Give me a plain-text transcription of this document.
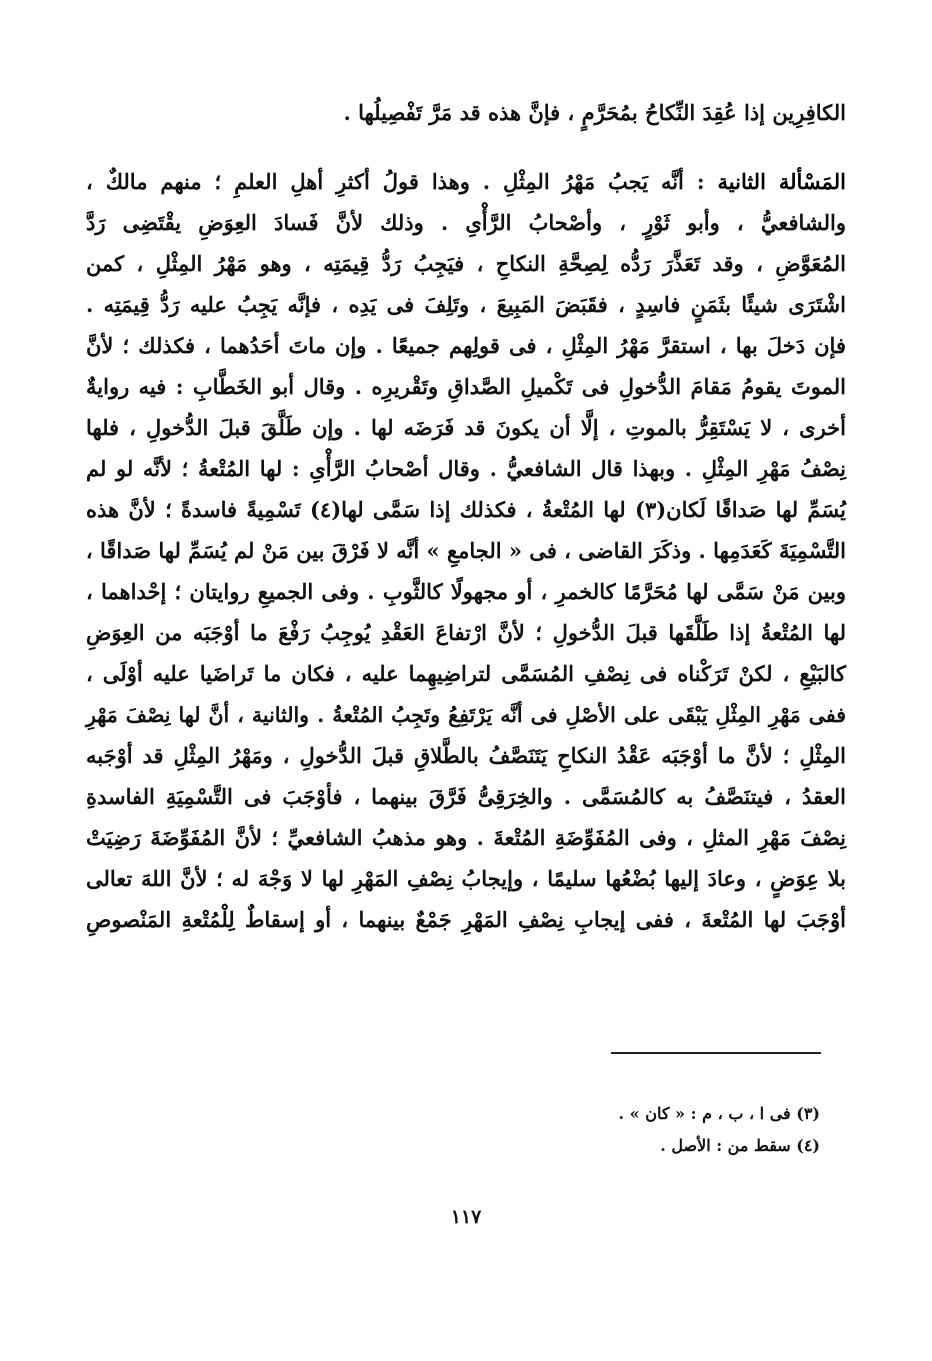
الكافِرِين إذا عُقِدَ النِّكاحُ بمُحَرَّمٍ ، فإنَّ هذه قد مَرَّ تَفْصِيلُها .
المَسْألة الثانية : أنَّه يَجبُ مَهْرُ المِثْلِ . وهذا قولُ أكثرِ أهلِ العلمِ ؛ منهم مالكٌ ،
والشافعيُّ ، وأبو ثَوْرٍ ، وأصْحابُ الرَّأْىِ . وذلك لأنَّ فَسادَ العِوَضِ يقْتَضِى رَدَّ
المُعَوَّضِ ، وقد تَعَذَّرَ رَدُّه لِصِحَّةِ النكاحِ ، فيَجِبُ رَدُّ قِيمَتِه ، وهو مَهْرُ المِثْلِ ، كمن
اشْتَرَى شيئًا بثَمَنٍ فاسِدٍ ، فقَبَضَ المَبِيعَ ، وتَلِفَ فى يَدِه ، فإنَّه يَجِبُ عليه رَدُّ قِيمَتِه .
فإن دَخلَ بها ، استقرَّ مَهْرُ المِثْلِ ، فى قولِهم جميعًا . وإن ماتَ أحَدُهما ، فكذلك ؛ لأنَّ
الموتَ يقومُ مَقامَ الدُّخولِ فى تَكْميلِ الصَّداقِ وتَقْريرِه . وقال أبو الخَطَّابِ : فيه روايةٌ
أخرى ، لا يَسْتَقِرُّ بالموتِ ، إلَّا أن يكونَ قد فَرَضَه لها . وإن طَلَّقَ قبلَ الدُّخولِ ، فلها
نِصْفُ مَهْرِ المِثْلِ . وبهذا قال الشافعيُّ . وقال أصْحابُ الرَّأْىِ : لها المُتْعةُ ؛ لأنَّه لو لم
يُسَمِّ لها صَداقًا لَكان(٣) لها المُتْعةُ ، فكذلك إذا سَمَّى لها(٤) تَسْمِيةً فاسدةً ؛ لأنَّ هذه
التَّسْمِيَةَ كَعَدَمِها . وذكَرَ القاضى ، فى « الجامعِ » أنَّه لا فَرْقَ بين مَنْ لم يُسَمِّ لها صَداقًا ،
وبين مَنْ سَمَّى لها مُحَرَّمًا كالخمرِ ، أو مجهولًا كالثَّوبِ . وفى الجميعِ روايتان ؛ إحْداهما ،
لها المُتْعةُ إذا طَلَّقَها قبلَ الدُّخولِ ؛ لأنَّ ارْتفاعَ العَقْدِ يُوجِبُ رَفْعَ ما أوْجَبَه من العِوَضِ
كالبَيْعِ ، لكنْ تَرَكْناه فى نِصْفِ المُسَمَّى لتراضِيهِما عليه ، فكان ما تَراضَيا عليه أوْلَى ،
ففى مَهْرِ المِثْلِ يَبْقَى على الأصْلِ فى أنَّه يَرْتَفِعُ وتَجِبُ المُتْعةُ . والثانية ، أنَّ لها نِصْفَ مَهْرِ
المِثْلِ ؛ لأنَّ ما أوْجَبَه عَقْدُ النكاحِ يَتَنَصَّفُ بالطَّلاقِ قبلَ الدُّخولِ ، ومَهْرُ المِثْلِ قد أوْجَبه
العقدُ ، فيتنَصَّفُ به كالمُسَمَّى . والخِرَقِىُّ فَرَّقَ بينهما ، فأوْجَبَ فى التَّسْمِيَةِ الفاسدةِ
نِصْفَ مَهْرِ المثلِ ، وفى المُفَوِّضَةِ المُتْعةَ . وهو مذهبُ الشافعيِّ ؛ لأنَّ المُفَوِّضَةَ رَضِيَتْ
بلا عِوَضٍ ، وعادَ إليها بُضْعُها سليمًا ، وإيجابُ نِصْفِ المَهْرِ لها لا وَجْهَ له ؛ لأنَّ اللهَ تعالى
أوْجَبَ لها المُتْعةَ ، ففى إيجابِ نِصْفِ المَهْرِ جَمْعٌ بينهما ، أو إسقاطٌ لِلْمُتْعةِ المَنْصوصِ
(٣) فى ا ، ب ، م : « كان » .
(٤) سقط من : الأصل .
١١٧
